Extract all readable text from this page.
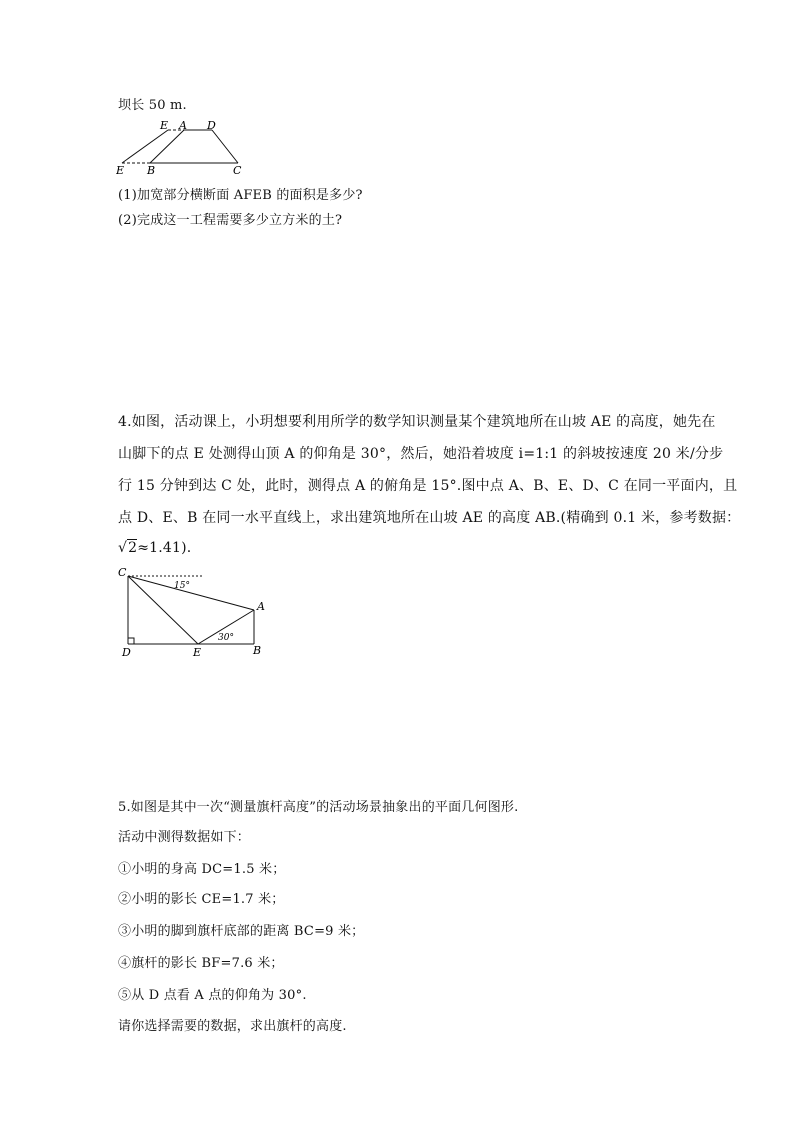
坝长 50 m.
E A D
E B	C
(1)加宽部分横断面 AFEB 的面积是多少?
(2)完成这一工程需要多少立方米的土?
4.如图，活动课上，小玥想要利用所学的数学知识测量某个建筑地所在山坡 AE 的高度，她先在
山脚下的点 E 处测得山顶 A 的仰角是 30°，然后，她沿着坡度 i=1:1 的斜坡按速度 20 米/分步
行 15 分钟到达 C 处，此时，测得点 A 的俯角是 15°.图中点 A、B、E、D、C 在同一平面内，且
点 D、E、B 在同一水平直线上，求出建筑地所在山坡 AE 的高度 AB.(精确到 0.1 米，参考数据：
√2≈1.41).
C
A
D	E	B
15°
30°
5.如图是其中一次“测量旗杆高度”的活动场景抽象出的平面几何图形.
活动中测得数据如下：
①小明的身高 DC=1.5 米；
②小明的影长 CE=1.7 米；
③小明的脚到旗杆底部的距离 BC=9 米；
④旗杆的影长 BF=7.6 米；
⑤从 D 点看 A 点的仰角为 30°.
请你选择需要的数据，求出旗杆的高度.
